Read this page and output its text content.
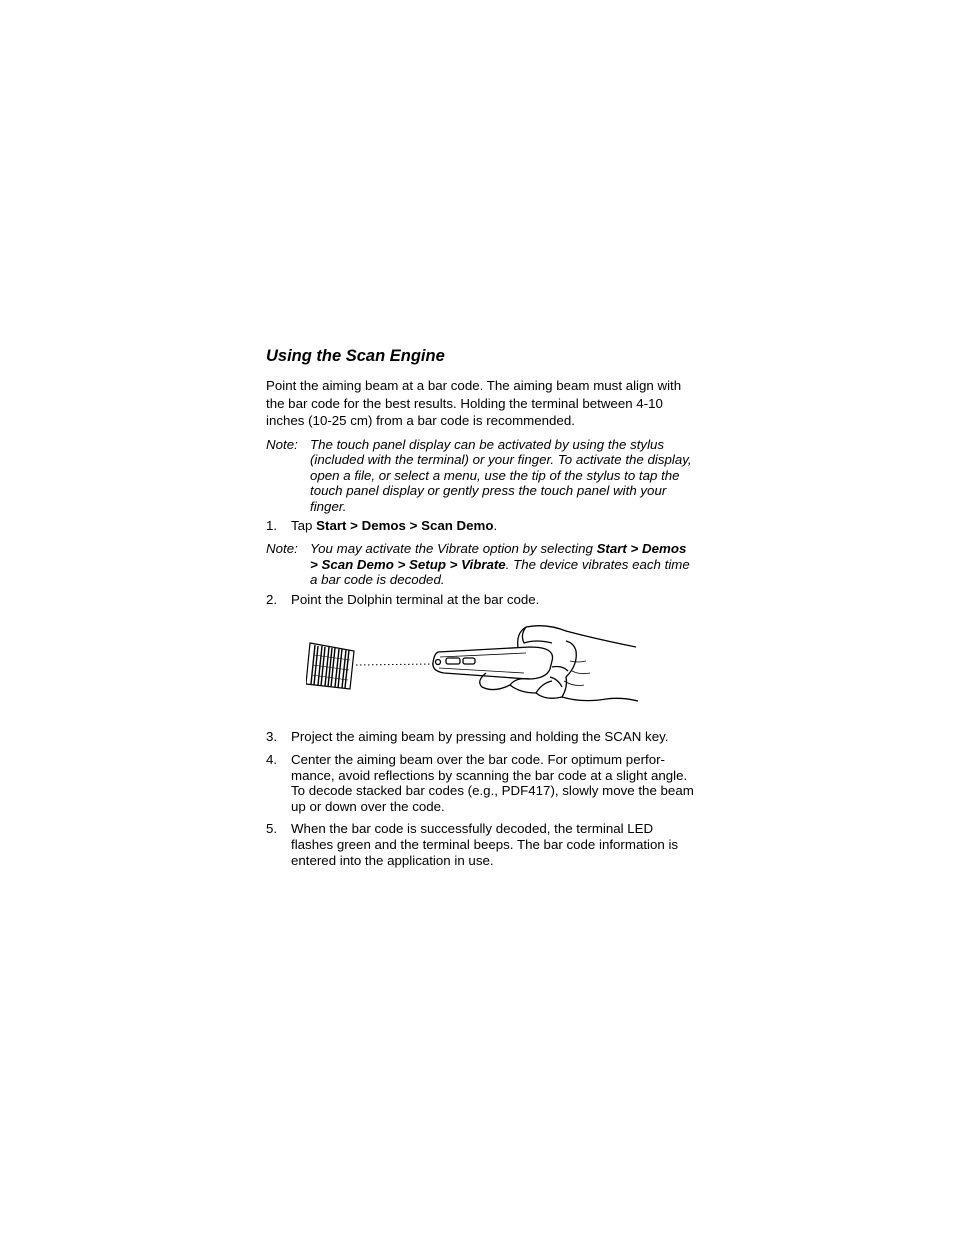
Using the Scan Engine
Point the aiming beam at a bar code. The aiming beam must align with the bar code for the best results. Holding the terminal between 4-10 inches (10-25 cm) from a bar code is recommended.
Note: The touch panel display can be activated by using the stylus (included with the terminal) or your finger. To activate the display, open a file, or select a menu, use the tip of the stylus to tap the touch panel display or gently press the touch panel with your finger.
1.	Tap Start > Demos > Scan Demo.
Note: You may activate the Vibrate option by selecting Start > Demos > Scan Demo > Setup > Vibrate. The device vibrates each time a bar code is decoded.
2.	Point the Dolphin terminal at the bar code.
3.	Project the aiming beam by pressing and holding the SCAN key.
4.	Center the aiming beam over the bar code. For optimum perfor-mance, avoid reflections by scanning the bar code at a slight angle. To decode stacked bar codes (e.g., PDF417), slowly move the beam up or down over the code.
5.	When the bar code is successfully decoded, the terminal LED flashes green and the terminal beeps. The bar code information is entered into the application in use.
